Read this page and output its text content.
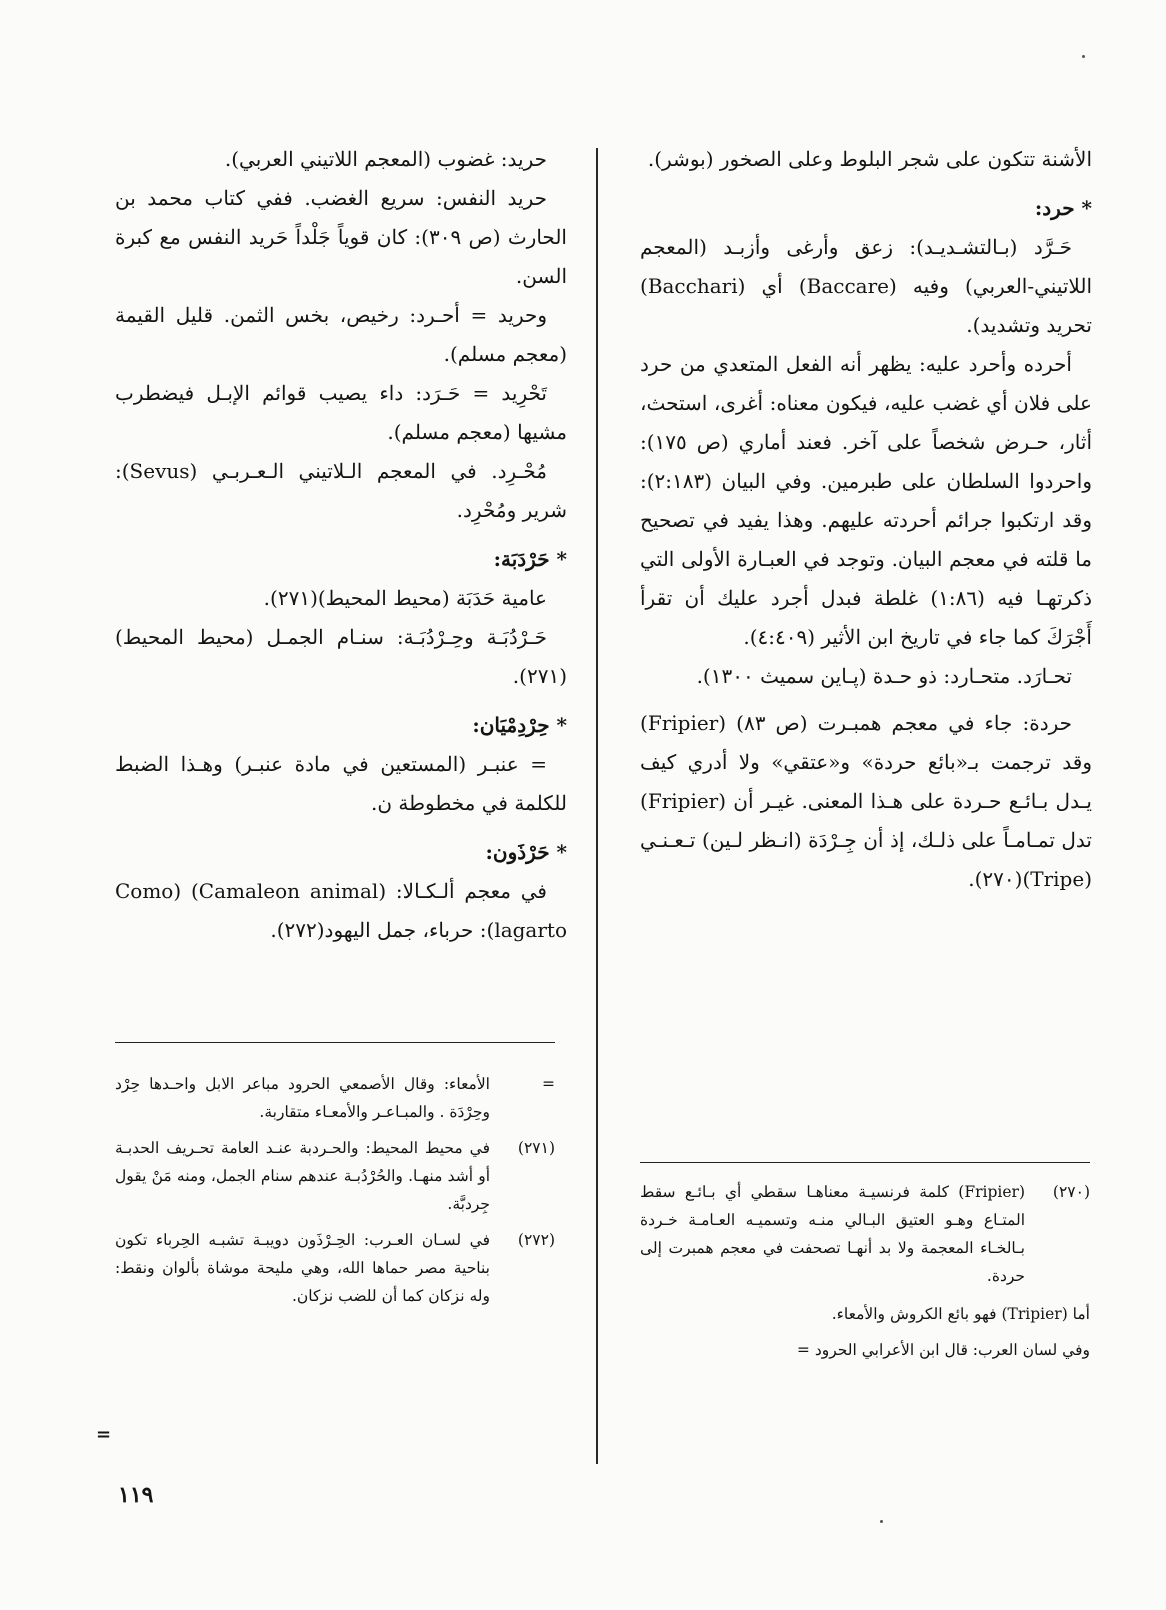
الأشنة تتكون على شجر البلوط وعلى الصخور (بوشر).

* حرد:

حَـرَّد (بـالتشـديـد): زعق وأرغى وأزبـد (المعجم اللاتيني-العربي) وفيه (Baccare) أي (Bacchari) تحريد وتشديد).

أحرده وأحرد عليه: يظهر أنه الفعل المتعدي من حرد على فلان أي غضب عليه، فيكون معناه: أغرى، استحث، أثار، حـرض شخصاً على آخر. فعند أماري (ص ١٧٥): واحردوا السلطان على طبرمين. وفي البيان (٢:١٨٣): وقد ارتكبوا جرائم أحردته عليهم. وهذا يفيد في تصحيح ما قلته في معجم البيان. وتوجد في العبـارة الأولى التي ذكرتهـا فيه (١:٨٦) غلطة فبدل أجرد عليك أن تقرأ أَجْرَكَ كما جاء في تاريخ ابن الأثير (٤:٤٠٩).

تحـارَد. متحـارد: ذو حـدة (پـاين سميث ١٣٠٠).

حردة: جاء في معجم همبـرت (ص ٨٣) (Fripier) وقد ترجمت بـ«بائع حردة» و«عتقي» ولا أدري كيف يـدل بـائـع حـردة على هـذا المعنى. غيـر أن (Fripier) تدل تمـامـاً على ذلـك، إذ أن جِـرْدَة (انـظر لـين) تـعـنـي (Tripe)(٢٧٠).

حريد: غضوب (المعجم اللاتيني العربي).

حريد النفس: سريع الغضب. ففي كتاب محمد بن الحارث (ص ٣٠٩): كان قوياً جَلْداً حَريد النفس مع كبرة السن.

وحريد = أحـرد: رخيص، بخس الثمن. قليل القيمة (معجم مسلم).

تَحْرِيد = حَـرَد: داء يصيب قوائم الإبـل فيضطرب مشيها (معجم مسلم).

مُحْـرِد. في المعجم الـلاتيني الـعـربـي (Sevus): شرير ومُحْرِد.

* حَرْدَبَة:

عامية حَدَبَة (محيط المحيط)(٢٧١).

حَـرْدُبَـة وحِـرْدُبَـة: سنـام الجمـل (محيط المحيط)(٢٧١).

* حِرْدِمْيَان:

= عنبـر (المستعين في مادة عنبـر) وهـذا الضبط للكلمة في مخطوطة ن.

* حَرْذَون:

في معجم ألـكـالا: (Camaleon animal) (Como lagarto): حرباء، جمل اليهود(٢٧٢).

=
الأمعاء: وقال الأصمعي الحرود مباعر الابل واحـدها حِرْد وحِرْدَة . والمبـاعـر والأمعـاء متقاربة.

(٢٧١)
في محيط المحيط: والحـردبة عنـد العامة تحـريف الحدبـة أو أشد منهـا. والحُرْدُبـة عندهم سنام الجمل، ومنه مَنْ يقول جِردبَّة.

(٢٧٢)
في لسـان العـرب: الحِـرْذَون دويبـة تشبـه الحِرباء تكون بناحية مصر حماها الله، وهي مليحة موشاة بألوان ونقط: وله نزكان كما أن للضب نزكان.

=

(٢٧٠)
(Fripier) كلمة فرنسيـة معناهـا سقطي أي بـائـع سقط المتـاع وهـو العتيق البـالي منـه وتسميـه العـامـة خـردة بـالخـاء المعجمة ولا بد أنهـا تصحفت في معجم همبرت إلى حردة.

أما (Tripier) فهو بائع الكروش والأمعاء.

وفي لسان العرب: قال ابن الأعرابي الحرود =

١١٩
